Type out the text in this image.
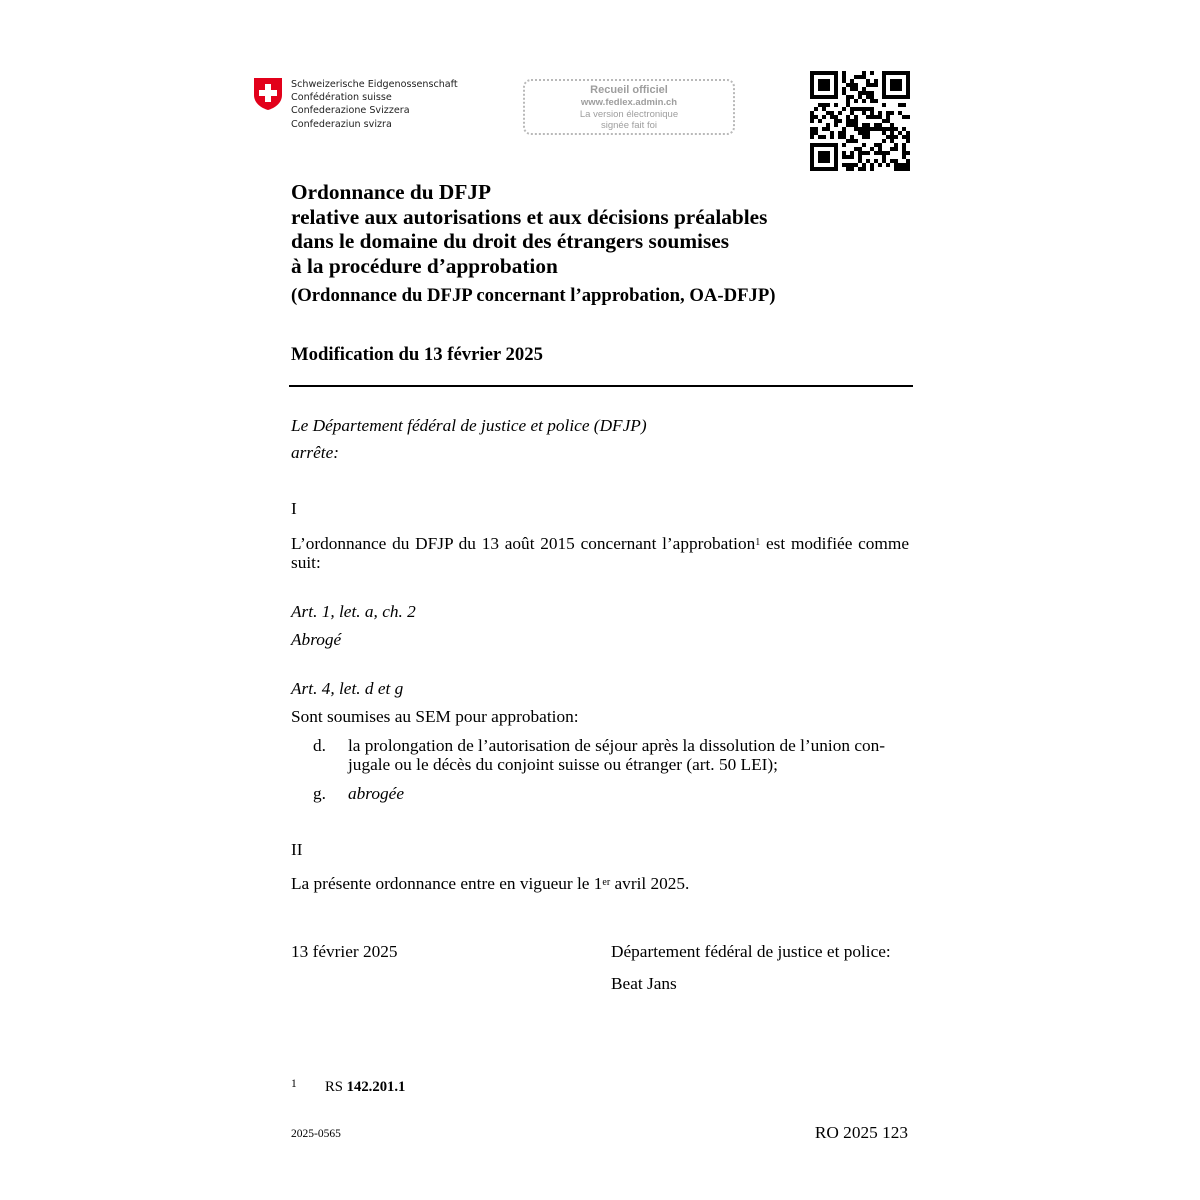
Schweizerische Eidgenossenschaft
Confédération suisse
Confederazione Svizzera
Confederaziun svizra
Recueil officiel
www.fedlex.admin.ch
La version électronique
signée fait foi
Ordonnance du DFJP
relative aux autorisations et aux décisions préalables
dans le domaine du droit des étrangers soumises
à la procédure d’approbation
(Ordonnance du DFJP concernant l’approbation, OA-DFJP)
Modification du 13 février 2025
Le Département fédéral de justice et police (DFJP)
arrête:
I
L’ordonnance du DFJP du 13 août 2015 concernant l’approbation$^1$ est modifiée comme suit:
Art. 1, let. a, ch. 2
Abrogé
Art. 4, let. d et g
Sont soumises au SEM pour approbation:
d. la prolongation de l’autorisation de séjour après la dissolution de l’union con-
jugale ou le décès du conjoint suisse ou étranger (art. 50 LEI);
g. abrogée
II
La présente ordonnance entre en vigueur le 1er avril 2025.
13 février 2025	Département fédéral de justice et police:
Beat Jans
1 RS 142.201.1
2025-0565	RO 2025 123
